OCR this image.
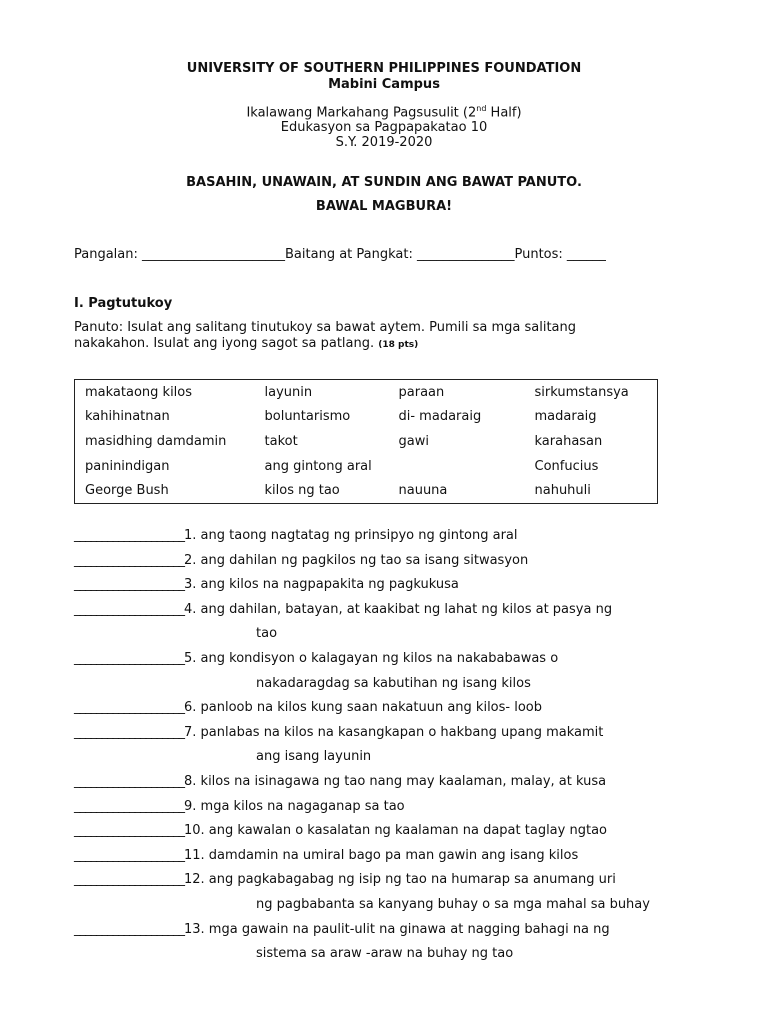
UNIVERSITY OF SOUTHERN PHILIPPINES FOUNDATION
Mabini Campus
Ikalawang Markahang Pagsusulit (2nd Half)
Edukasyon sa Pagpapakatao 10
S.Y. 2019-2020
BASAHIN, UNAWAIN, AT SUNDIN ANG BAWAT PANUTO.
BAWAL MAGBURA!
Pangalan: ______________________Baitang at Pangkat: _______________Puntos: ______
I. Pagtutukoy
Panuto: Isulat ang salitang tinutukoy sa bawat aytem. Pumili sa mga salitang
nakakahon. Isulat ang iyong sagot sa patlang. (18 pts)
makataong kilos	layunin	paraan	sirkumstansya
kahihinatnan	boluntarismo	di- madaraig	madaraig
masidhing damdamin	takot	gawi	karahasan
paninindigan	ang gintong aral		Confucius
George Bush	kilos ng tao	nauuna	nahuhuli
____________________1. ang taong nagtatag ng prinsipyo ng gintong aral
____________________2. ang dahilan ng pagkilos ng tao sa isang sitwasyon
____________________3. ang kilos na nagpapakita ng pagkukusa
____________________4. ang dahilan, batayan, at kaakibat ng lahat ng kilos at pasya ng
tao
____________________5. ang kondisyon o kalagayan ng kilos na nakababawas o
nakadaragdag sa kabutihan ng isang kilos
____________________6. panloob na kilos kung saan nakatuun ang kilos- loob
____________________7. panlabas na kilos na kasangkapan o hakbang upang makamit
ang isang layunin
____________________8. kilos na isinagawa ng tao nang may kaalaman, malay, at kusa
____________________9. mga kilos na nagaganap sa tao
____________________10. ang kawalan o kasalatan ng kaalaman na dapat taglay ngtao
____________________11. damdamin na umiral bago pa man gawin ang isang kilos
____________________12. ang pagkabagabag ng isip ng tao na humarap sa anumang uri
ng pagbabanta sa kanyang buhay o sa mga mahal sa buhay
____________________13. mga gawain na paulit-ulit na ginawa at nagging bahagi na ng
sistema sa araw -araw na buhay ng tao
